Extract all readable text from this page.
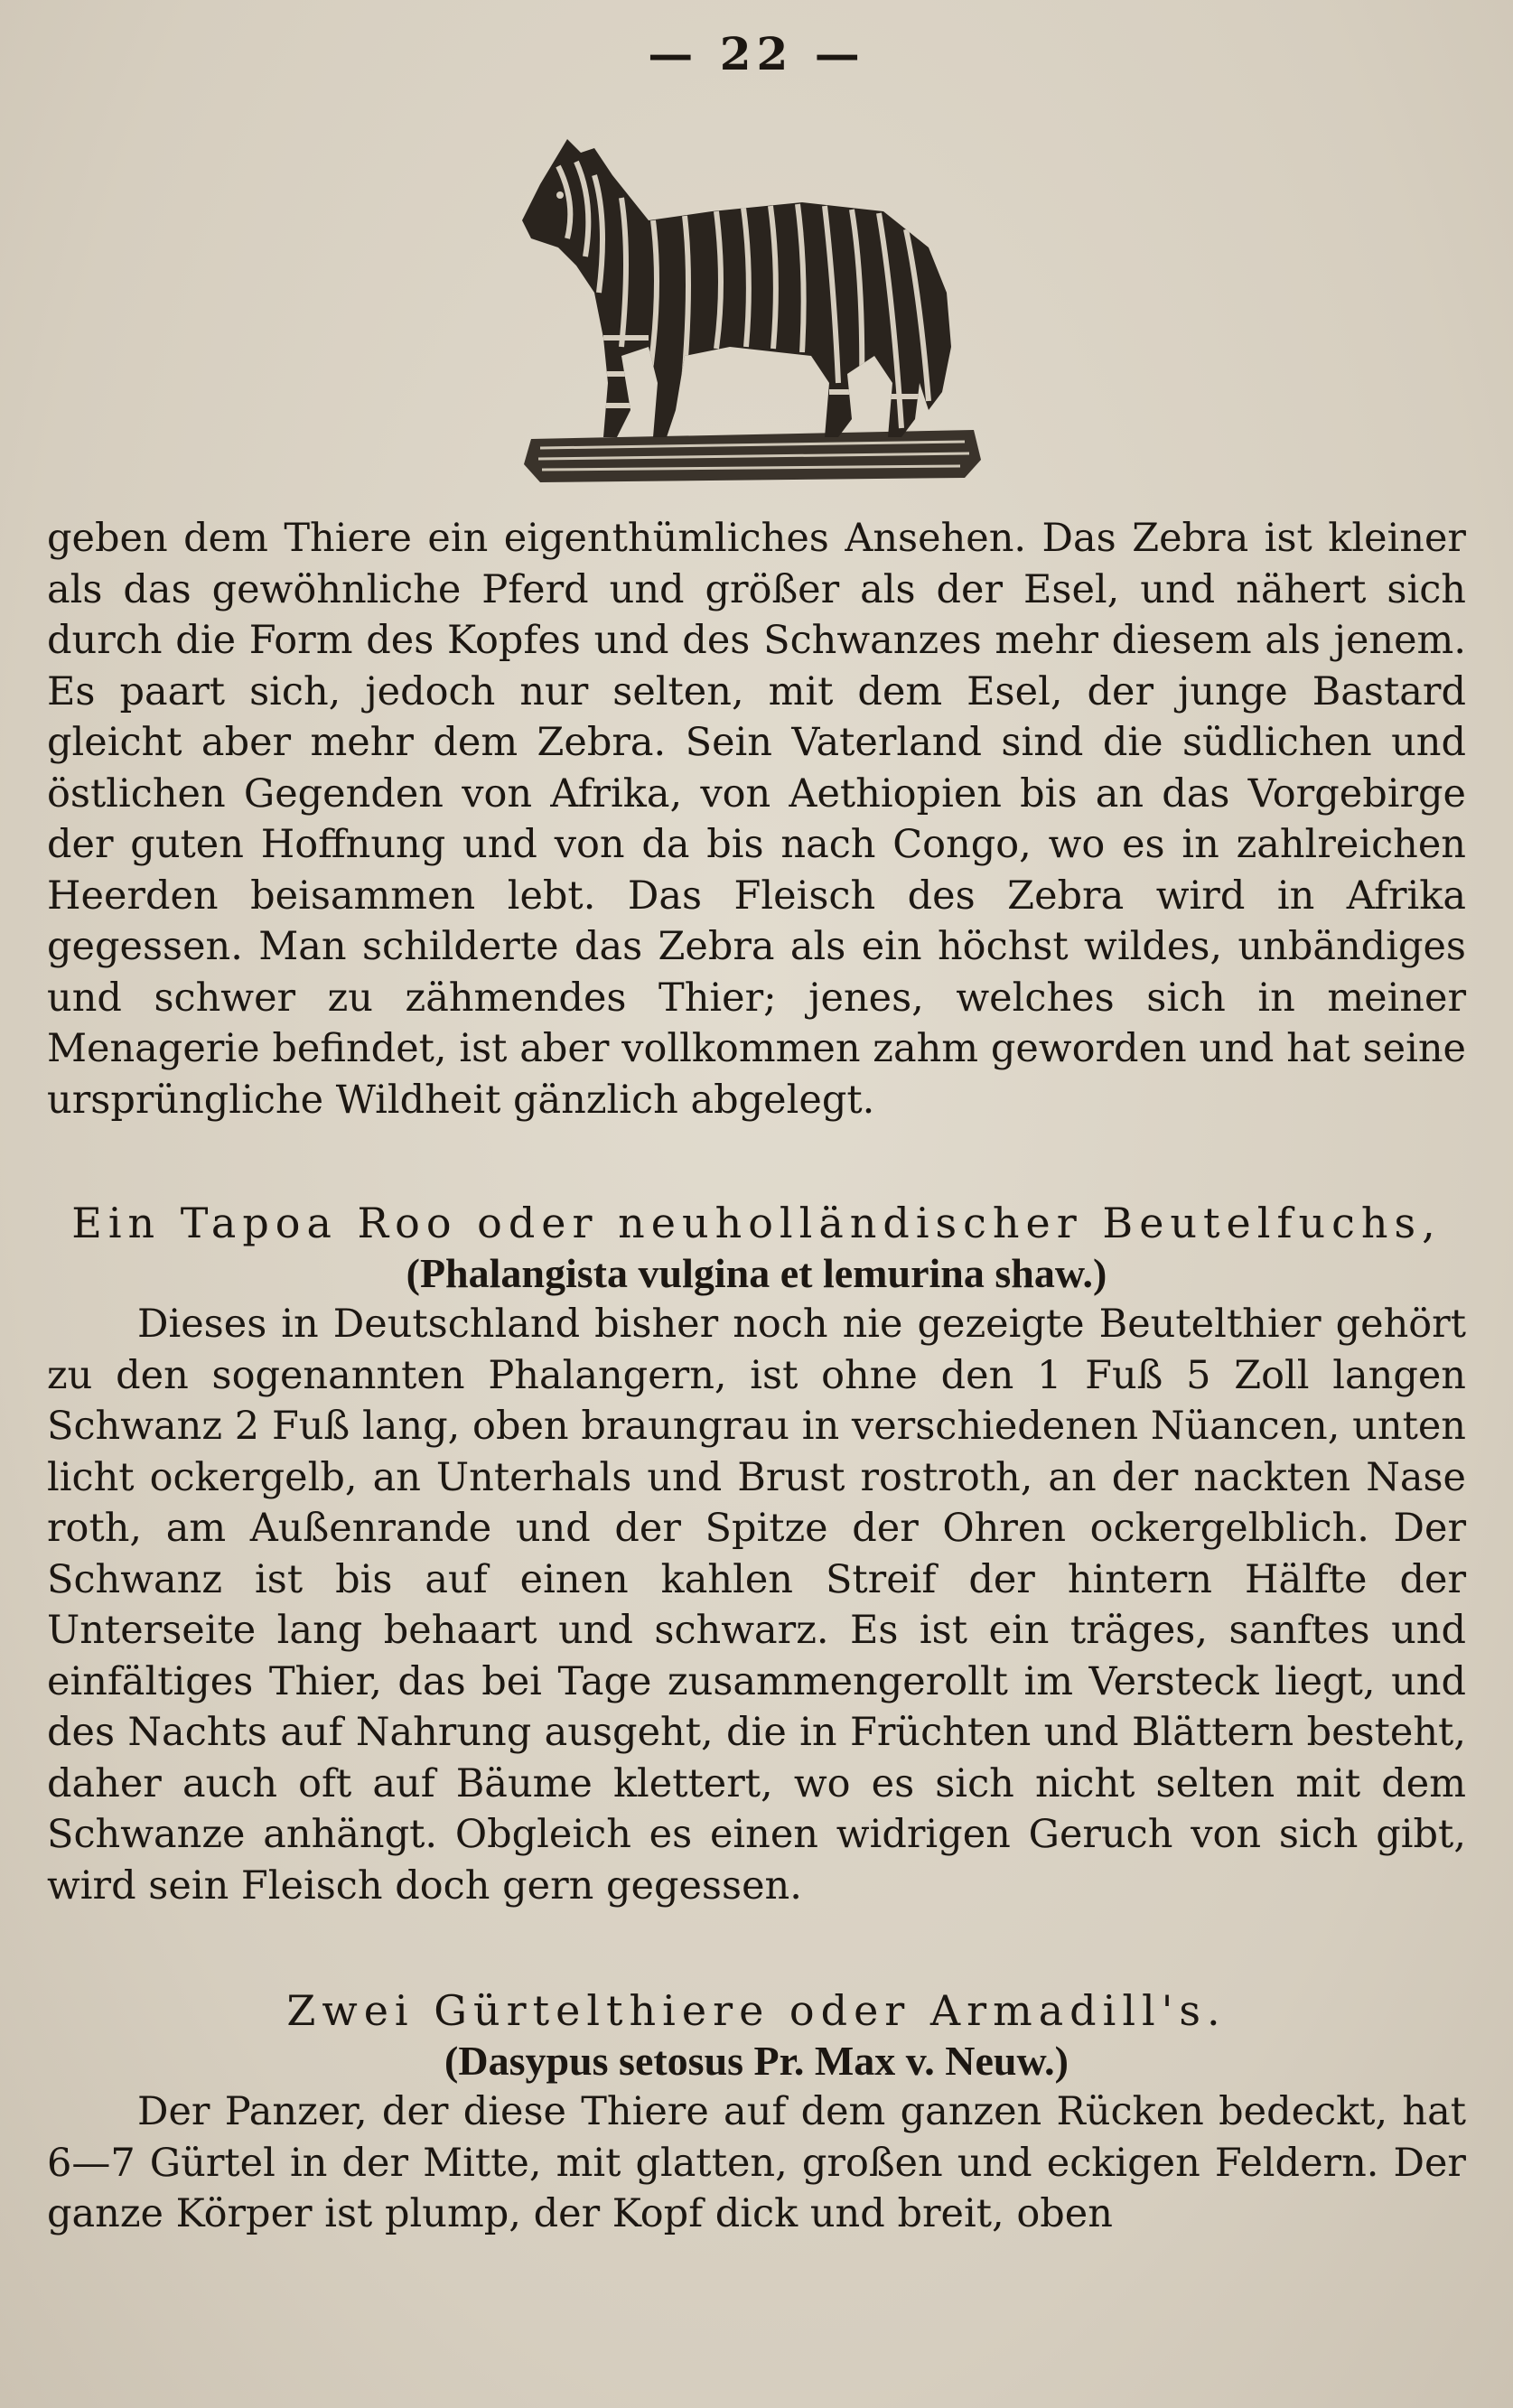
— 22 —

geben dem Thiere ein eigenthümliches Ansehen. Das Zebra ist kleiner als das gewöhnliche Pferd und größer als der Esel, und nähert sich durch die Form des Kopfes und des Schwanzes mehr diesem als jenem. Es paart sich, jedoch nur selten, mit dem Esel, der junge Bastard gleicht aber mehr dem Zebra. Sein Vaterland sind die südlichen und östlichen Gegenden von Afrika, von Aethiopien bis an das Vorgebirge der guten Hoffnung und von da bis nach Congo, wo es in zahlreichen Heerden beisammen lebt. Das Fleisch des Zebra wird in Afrika gegessen. Man schilderte das Zebra als ein höchst wildes, unbändiges und schwer zu zähmendes Thier; jenes, welches sich in meiner Menagerie befindet, ist aber vollkommen zahm geworden und hat seine ursprüngliche Wildheit gänzlich abgelegt.

Ein Tapoa Roo oder neuholländischer Beutelfuchs,

(Phalangista vulgina et lemurina shaw.)

Dieses in Deutschland bisher noch nie gezeigte Beutelthier gehört zu den sogenannten Phalangern, ist ohne den 1 Fuß 5 Zoll langen Schwanz 2 Fuß lang, oben braungrau in verschiedenen Nüancen, unten licht ockergelb, an Unterhals und Brust rostroth, an der nackten Nase roth, am Außenrande und der Spitze der Ohren ockergelblich. Der Schwanz ist bis auf einen kahlen Streif der hintern Hälfte der Unterseite lang behaart und schwarz. Es ist ein träges, sanftes und einfältiges Thier, das bei Tage zusammengerollt im Versteck liegt, und des Nachts auf Nahrung ausgeht, die in Früchten und Blättern besteht, daher auch oft auf Bäume klettert, wo es sich nicht selten mit dem Schwanze anhängt. Obgleich es einen widrigen Geruch von sich gibt, wird sein Fleisch doch gern gegessen.

Zwei Gürtelthiere oder Armadill's.

(Dasypus setosus Pr. Max v. Neuw.)

Der Panzer, der diese Thiere auf dem ganzen Rücken bedeckt, hat 6—7 Gürtel in der Mitte, mit glatten, großen und eckigen Feldern. Der ganze Körper ist plump, der Kopf dick und breit, oben
